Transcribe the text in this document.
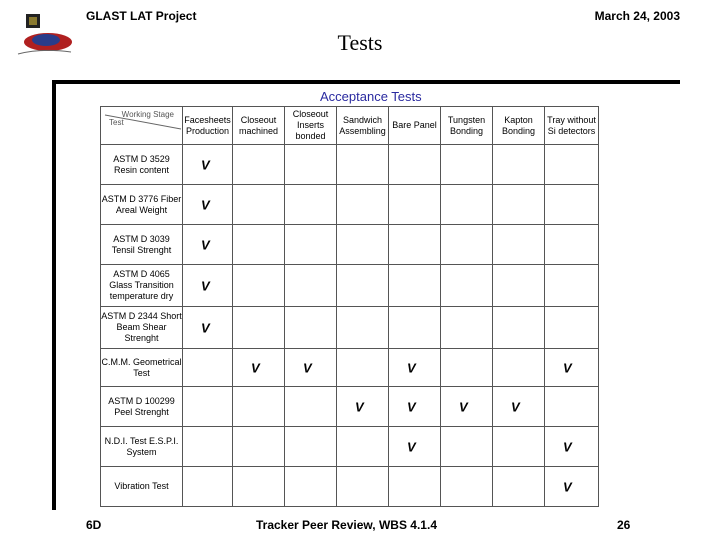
GLAST LAT Project	March 24, 2003
Tests
Acceptance Tests
Working Stage
Test	Facesheets Production	Closeout machined	Closeout Inserts bonded	Sandwich Assembling	Bare Panel	Tungsten Bonding	Kapton Bonding	Tray without Si detectors
ASTM D 3529 Resin content	V							

ASTM D 3776 Fiber Areal Weight	V							

ASTM D 3039 Tensil Strenght	V							

ASTM D 4065 Glass Transition temperature dry	V							

ASTM D 2344 Short Beam Shear Strenght	V							

C.M.M. Geometrical Test		V	V		V			V

ASTM D 100299 Peel Strenght				V	V	V	V	

N.D.I. Test E.S.P.I. System					V			V

Vibration Test								V
6D	Tracker Peer Review, WBS 4.1.4	26
